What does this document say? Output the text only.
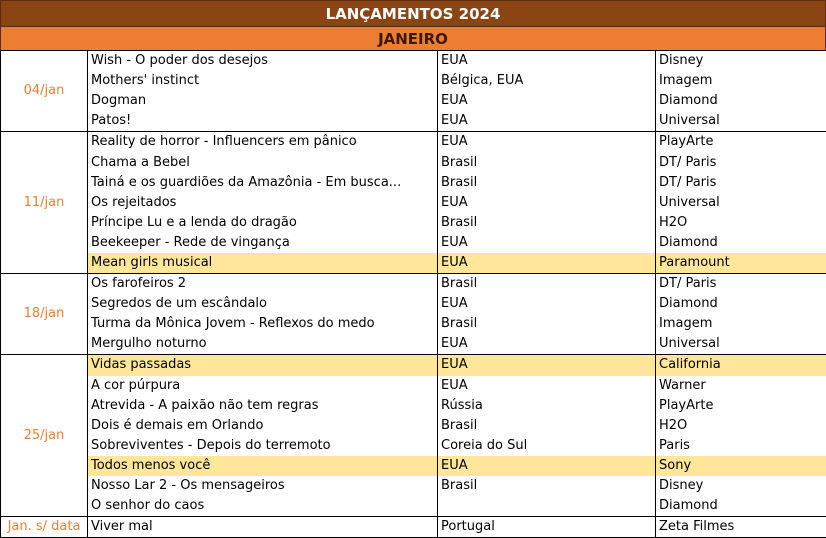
LANÇAMENTOS 2024
JANEIRO
04/jan	Wish - O poder dos desejos	EUA	Disney
	Mothers' instinct	Bélgica, EUA	Imagem
	Dogman	EUA	Diamond
	Patos!	EUA	Universal
11/jan	Reality de horror - Influencers em pânico	EUA	PlayArte
	Chama a Bebel	Brasil	DT/ Paris
	Tainá e os guardiões da Amazônia - Em busca...	Brasil	DT/ Paris
	Os rejeitados	EUA	Universal
	Príncipe Lu e a lenda do dragão	Brasil	H2O
	Beekeeper - Rede de vingança	EUA	Diamond
	Mean girls musical	EUA	Paramount
18/jan	Os farofeiros 2	Brasil	DT/ Paris
	Segredos de um escândalo	EUA	Diamond
	Turma da Mônica Jovem - Reflexos do medo	Brasil	Imagem
	Mergulho noturno	EUA	Universal
25/jan	Vidas passadas	EUA	California
	A cor púrpura	EUA	Warner
	Atrevida - A paixão não tem regras	Rússia	PlayArte
	Dois é demais em Orlando	Brasil	H2O
	Sobreviventes - Depois do terremoto	Coreia do Sul	Paris
	Todos menos você	EUA	Sony
	Nosso Lar 2 - Os mensageiros	Brasil	Disney
	O senhor do caos		Diamond
Jan. s/ data	Viver mal	Portugal	Zeta Filmes
